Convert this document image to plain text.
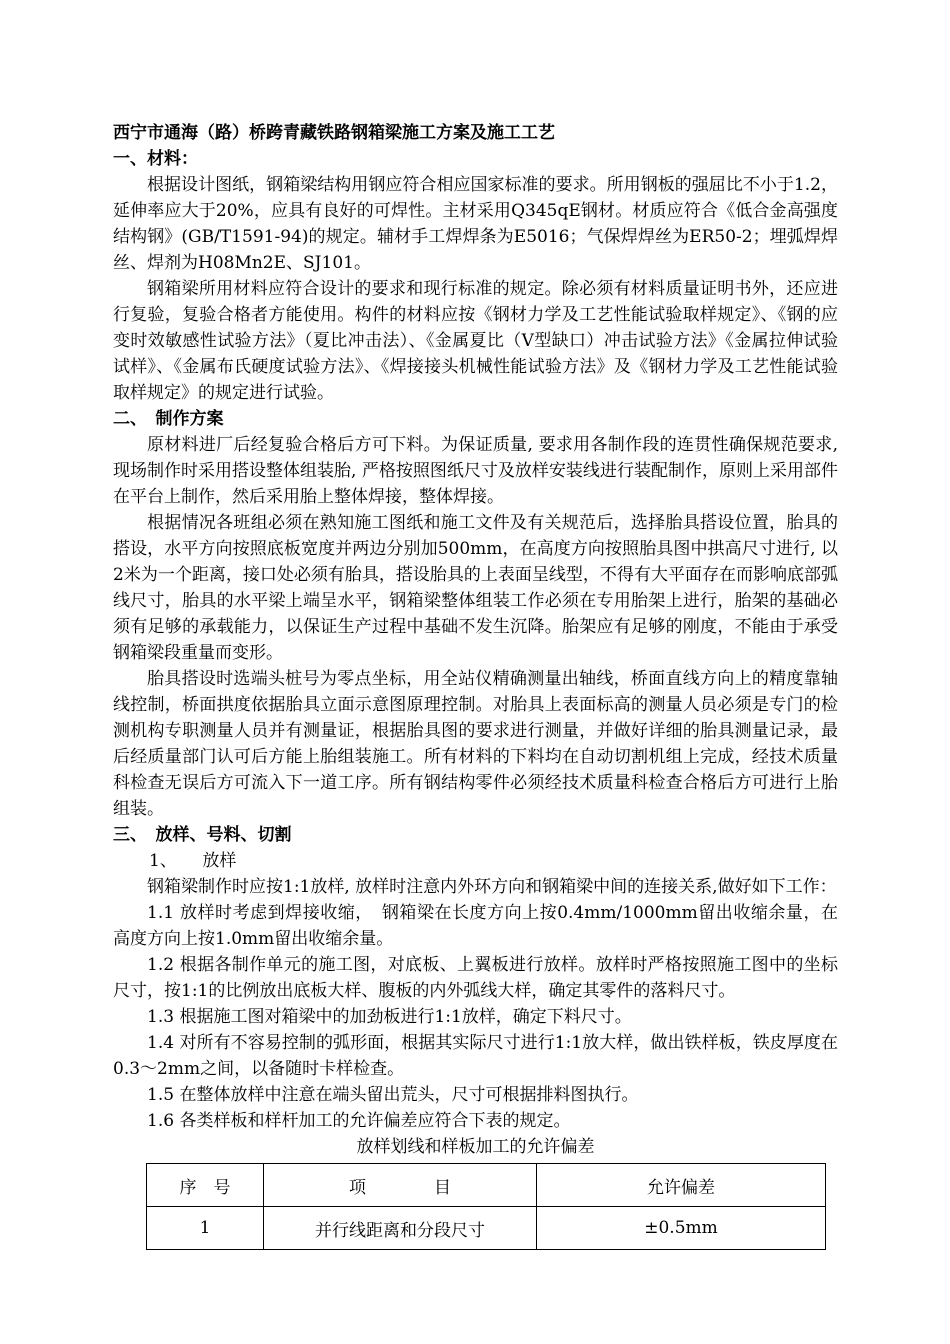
西宁市通海（路）桥跨青藏铁路钢箱梁施工方案及施工工艺
一、材料：

根据设计图纸，钢箱梁结构用钢应符合相应国家标准的要求。所用钢板的强屈比不小于1.2，延伸率应大于20%，应具有良好的可焊性。主材采用Q345qE钢材。材质应符合《低合金高强度结构钢》(GB/T1591-94)的规定。辅材手工焊焊条为E5016；气保焊焊丝为ER50-2；埋弧焊焊丝、焊剂为H08Mn2E、SJ101。

钢箱梁所用材料应符合设计的要求和现行标准的规定。除必须有材料质量证明书外，还应进行复验，复验合格者方能使用。构件的材料应按《钢材力学及工艺性能试验取样规定》、《钢的应变时效敏感性试验方法》（夏比冲击法）、《金属夏比（V型缺口）冲击试验方法》《金属拉伸试验试样》、《金属布氏硬度试验方法》、《焊接接头机械性能试验方法》及《钢材力学及工艺性能试验取样规定》的规定进行试验。

二、　制作方案

原材料进厂后经复验合格后方可下料。为保证质量, 要求用各制作段的连贯性确保规范要求,现场制作时采用搭设整体组装胎, 严格按照图纸尺寸及放样安装线进行装配制作，原则上采用部件在平台上制作，然后采用胎上整体焊接，整体焊接。

根据情况各班组必须在熟知施工图纸和施工文件及有关规范后，选择胎具搭设位置，胎具的搭设，水平方向按照底板宽度并两边分别加500mm，在高度方向按照胎具图中拱高尺寸进行, 以2米为一个距离，接口处必须有胎具，搭设胎具的上表面呈线型，不得有大平面存在而影响底部弧线尺寸，胎具的水平梁上端呈水平，钢箱梁整体组装工作必须在专用胎架上进行，胎架的基础必须有足够的承载能力，以保证生产过程中基础不发生沉降。胎架应有足够的刚度，不能由于承受钢箱梁段重量而变形。

胎具搭设时选端头桩号为零点坐标，用全站仪精确测量出轴线，桥面直线方向上的精度靠轴线控制，桥面拱度依据胎具立面示意图原理控制。对胎具上表面标高的测量人员必须是专门的检测机构专职测量人员并有测量证，根据胎具图的要求进行测量，并做好详细的胎具测量记录，最后经质量部门认可后方能上胎组装施工。所有材料的下料均在自动切割机组上完成，经技术质量科检查无误后方可流入下一道工序。所有钢结构零件必须经技术质量科检查合格后方可进行上胎组装。

三、　放样、号料、切割

1、　　放样

钢箱梁制作时应按1:1放样, 放样时注意内外环方向和钢箱梁中间的连接关系,做好如下工作：

1.1 放样时考虑到焊接收缩，　钢箱梁在长度方向上按0.4mm/1000mm留出收缩余量，在高度方向上按1.0mm留出收缩余量。

1.2 根据各制作单元的施工图，对底板、上翼板进行放样。放样时严格按照施工图中的坐标尺寸，按1:1的比例放出底板大样、腹板的内外弧线大样，确定其零件的落料尺寸。

1.3 根据施工图对箱梁中的加劲板进行1:1放样，确定下料尺寸。

1.4 对所有不容易控制的弧形面，根据其实际尺寸进行1:1放大样，做出铁样板，铁皮厚度在0.3～2mm之间，以备随时卡样检查。

1.5 在整体放样中注意在端头留出荒头，尺寸可根据排料图执行。

1.6 各类样板和样杆加工的允许偏差应符合下表的规定。

放样划线和样板加工的允许偏差
序　号	项　　　　目	允许偏差
1	并行线距离和分段尺寸	±0.5mm
